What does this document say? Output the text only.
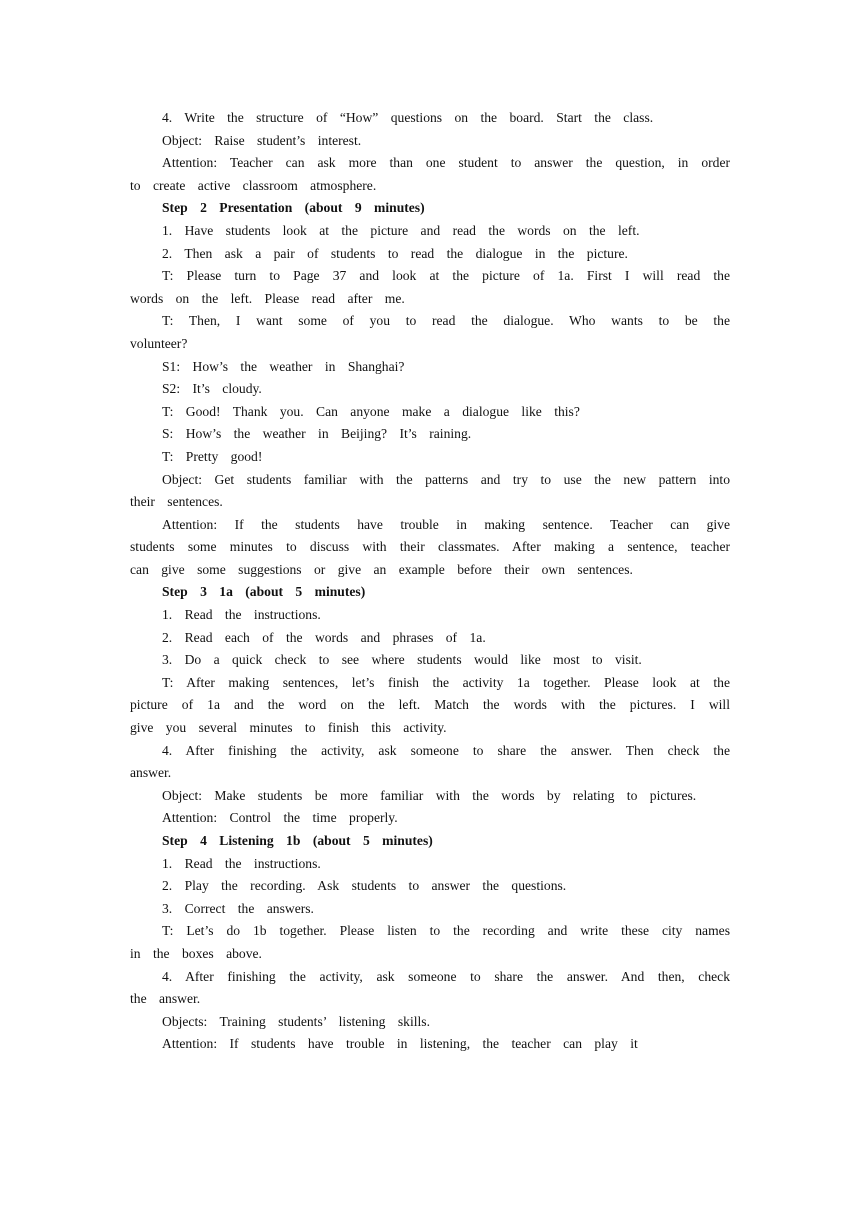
4. Write the structure of “How” questions on the board. Start the class.

Object: Raise student’s interest.

Attention: Teacher can ask more than one student to answer the question, in order to create active classroom atmosphere.

Step 2 Presentation (about 9 minutes)

1. Have students look at the picture and read the words on the left.

2. Then ask a pair of students to read the dialogue in the picture.

T: Please turn to Page 37 and look at the picture of 1a. First I will read the words on the left. Please read after me.

T: Then, I want some of you to read the dialogue. Who wants to be the volunteer?

S1: How’s the weather in Shanghai?

S2: It’s cloudy.

T: Good! Thank you. Can anyone make a dialogue like this?

S: How’s the weather in Beijing? It’s raining.

T: Pretty good!

Object: Get students familiar with the patterns and try to use the new pattern into their sentences.

Attention: If the students have trouble in making sentence. Teacher can give students some minutes to discuss with their classmates. After making a sentence, teacher can give some suggestions or give an example before their own sentences.

Step 3 1a (about 5 minutes)

1. Read the instructions.

2. Read each of the words and phrases of 1a.

3. Do a quick check to see where students would like most to visit.

T: After making sentences, let’s finish the activity 1a together. Please look at the picture of 1a and the word on the left. Match the words with the pictures. I will give you several minutes to finish this activity.

4. After finishing the activity, ask someone to share the answer. Then check the answer.

Object: Make students be more familiar with the words by relating to pictures.

Attention: Control the time properly.

Step 4 Listening 1b (about 5 minutes)

1. Read the instructions.

2. Play the recording. Ask students to answer the questions.

3. Correct the answers.

T: Let’s do 1b together. Please listen to the recording and write these city names in the boxes above.

4. After finishing the activity, ask someone to share the answer. And then, check the answer.

Objects: Training students’ listening skills.

Attention: If students have trouble in listening, the teacher can play it
